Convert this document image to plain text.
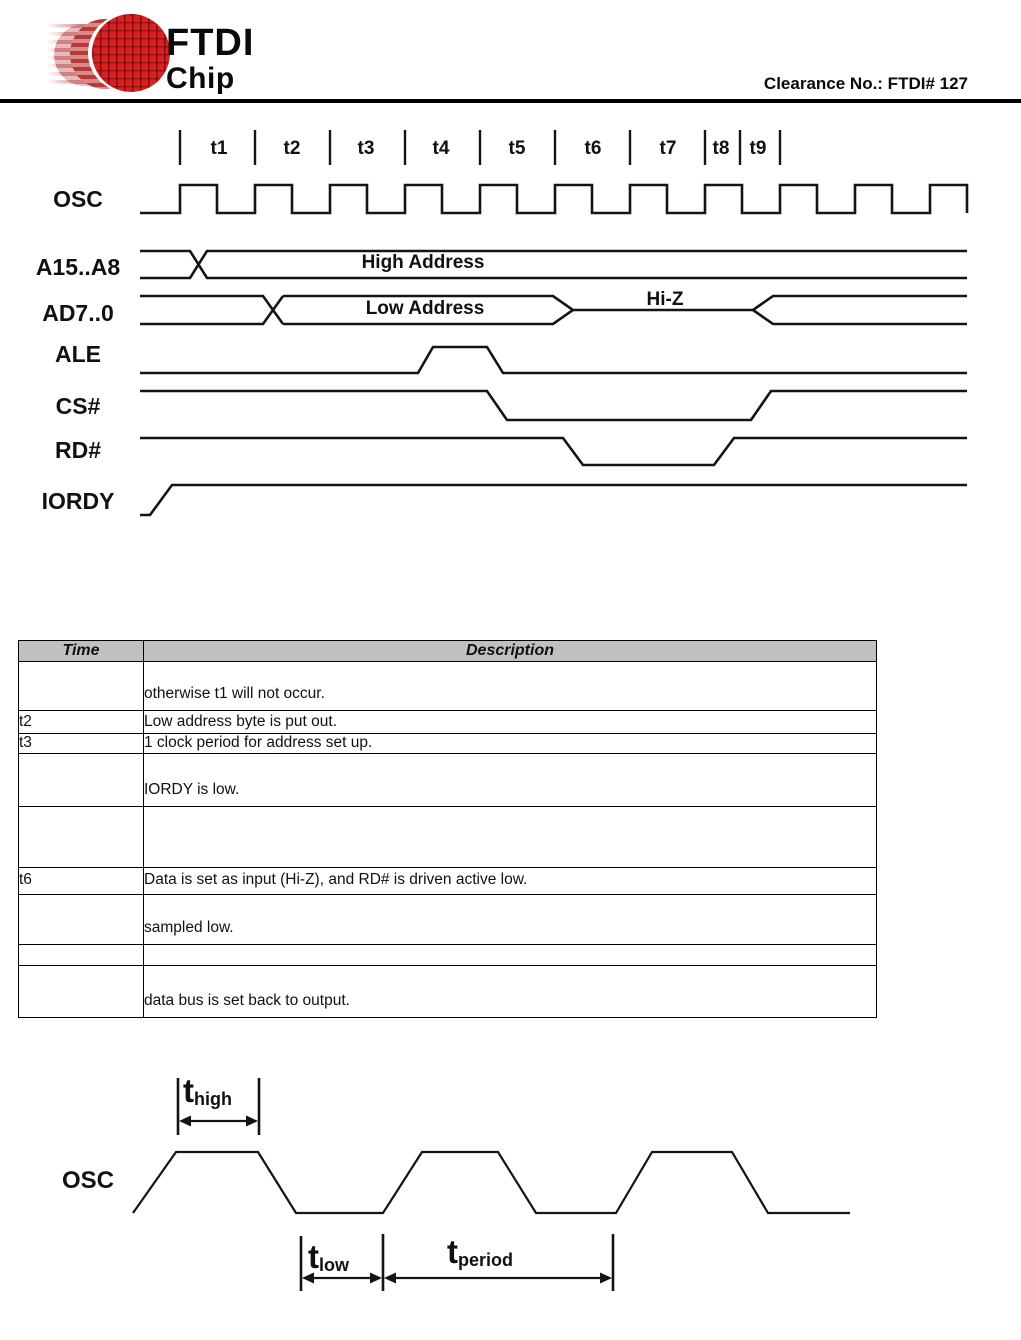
FTDI
Chip	Clearance No.: FTDI# 127
t1	t2	t3	t4	t5	t6	t7	t8	t9
OSC
A15..A8
AD7..0
ALE
CS#
RD#
IORDY
High Address
Low Address	Hi-Z
Time	Description
	otherwise t1 will not occur.
t2	Low address byte is put out.
t3	1 clock period for address set up.
	IORDY is low.

t6	Data is set as input (Hi-Z), and RD# is driven active low.
	sampled low.

	data bus is set back to output.
OSC
thigh
tlow	tperiod
